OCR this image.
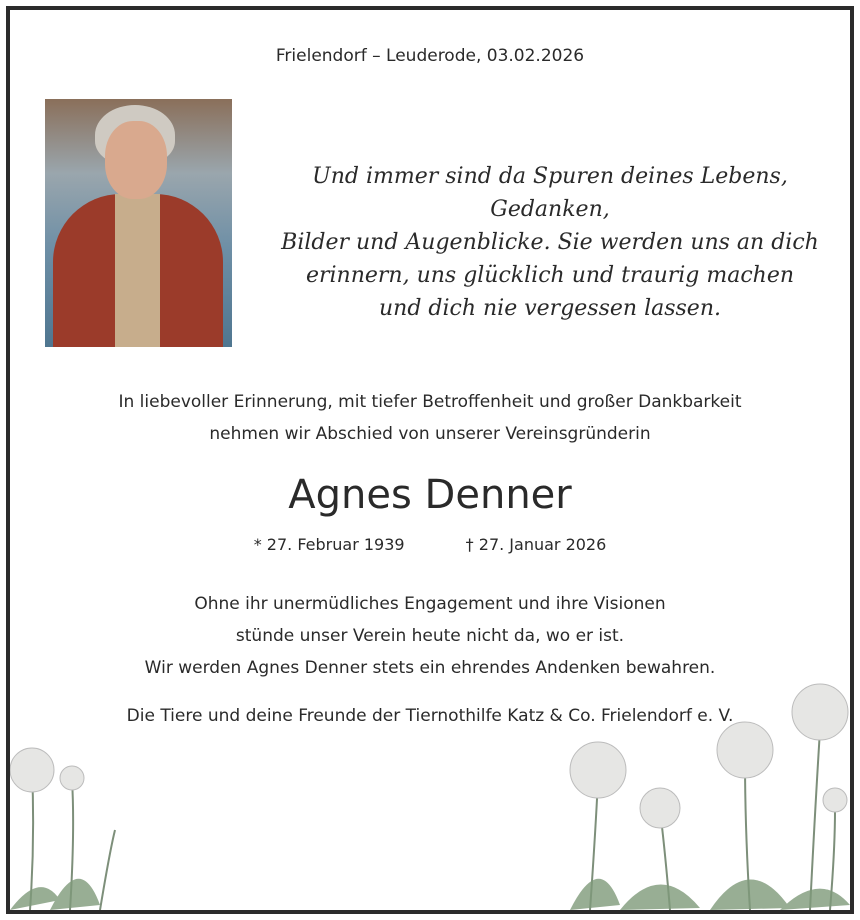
Frielendorf – Leuderode, 03.02.2026
Und immer sind da Spuren deines Lebens, Gedanken,
Bilder und Augenblicke. Sie werden uns an dich
erinnern, uns glücklich und traurig machen
und dich nie vergessen lassen.
In liebevoller Erinnerung, mit tiefer Betroffenheit und großer Dankbarkeit
nehmen wir Abschied von unserer Vereinsgründerin
Agnes Denner
* 27. Februar 1939	† 27. Januar 2026
Ohne ihr unermüdliches Engagement und ihre Visionen
stünde unser Verein heute nicht da, wo er ist.
Wir werden Agnes Denner stets ein ehrendes Andenken bewahren.
Die Tiere und deine Freunde der Tiernothilfe Katz & Co. Frielendorf e. V.
